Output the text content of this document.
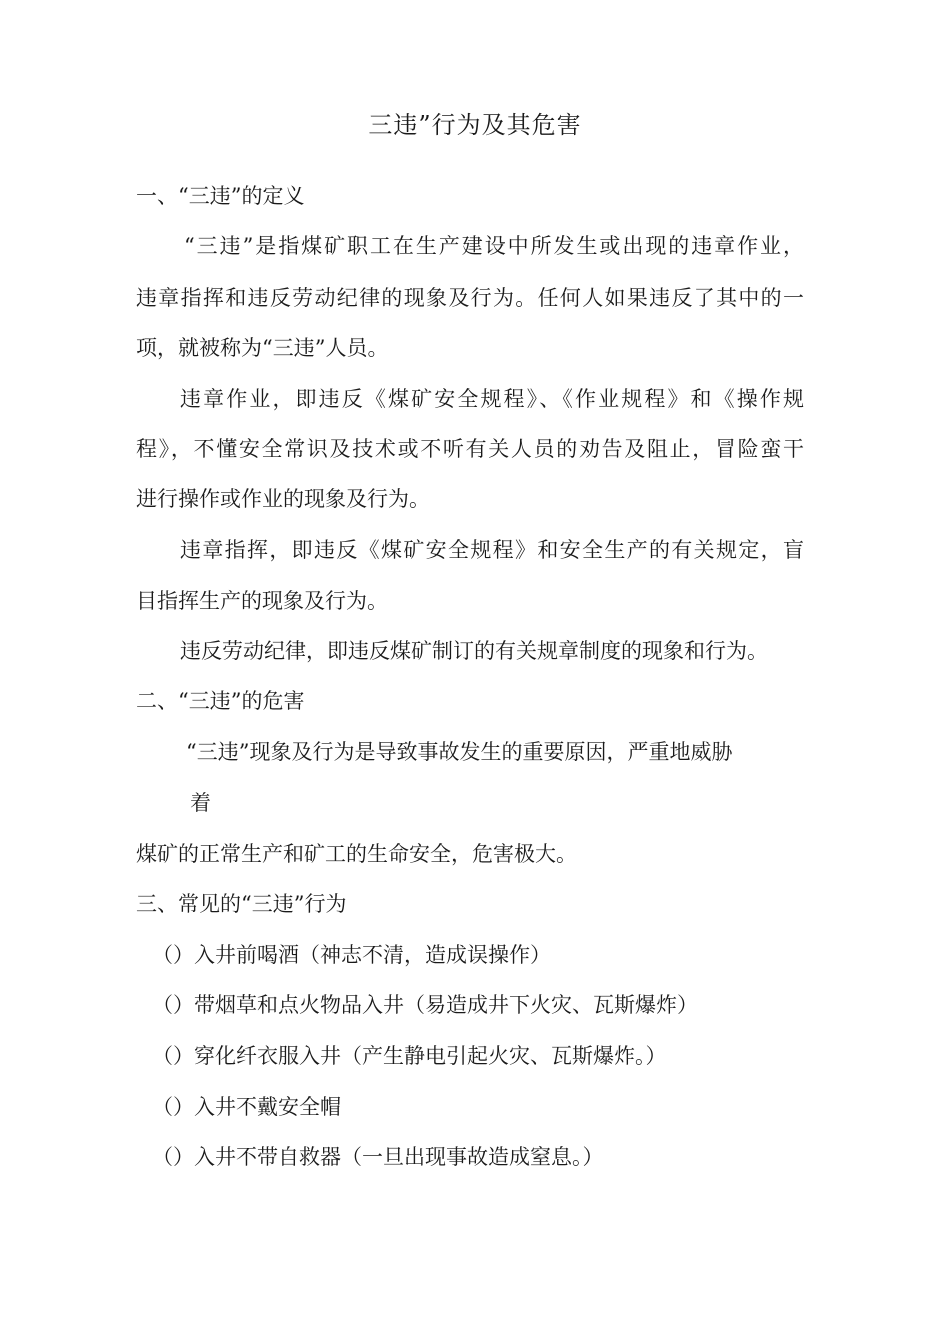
三违”行为及其危害
一、“三违”的定义
“三违”是指煤矿职工在生产建设中所发生或出现的违章作业，
违章指挥和违反劳动纪律的现象及行为。任何人如果违反了其中的一
项，就被称为“三违”人员。
违章作业，即违反《煤矿安全规程》、《作业规程》和《操作规
程》，不懂安全常识及技术或不听有关人员的劝告及阻止，冒险蛮干
进行操作或作业的现象及行为。
违章指挥，即违反《煤矿安全规程》和安全生产的有关规定，盲
目指挥生产的现象及行为。
违反劳动纪律，即违反煤矿制订的有关规章制度的现象和行为。
二、“三违”的危害
“三违”现象及行为是导致事故发生的重要原因，严重地威胁
着
煤矿的正常生产和矿工的生命安全，危害极大。
三、常见的“三违”行为
（）入井前喝酒（神志不清，造成误操作）
（）带烟草和点火物品入井（易造成井下火灾、瓦斯爆炸）
（）穿化纤衣服入井（产生静电引起火灾、瓦斯爆炸。）
（）入井不戴安全帽
（）入井不带自救器（一旦出现事故造成窒息。）
